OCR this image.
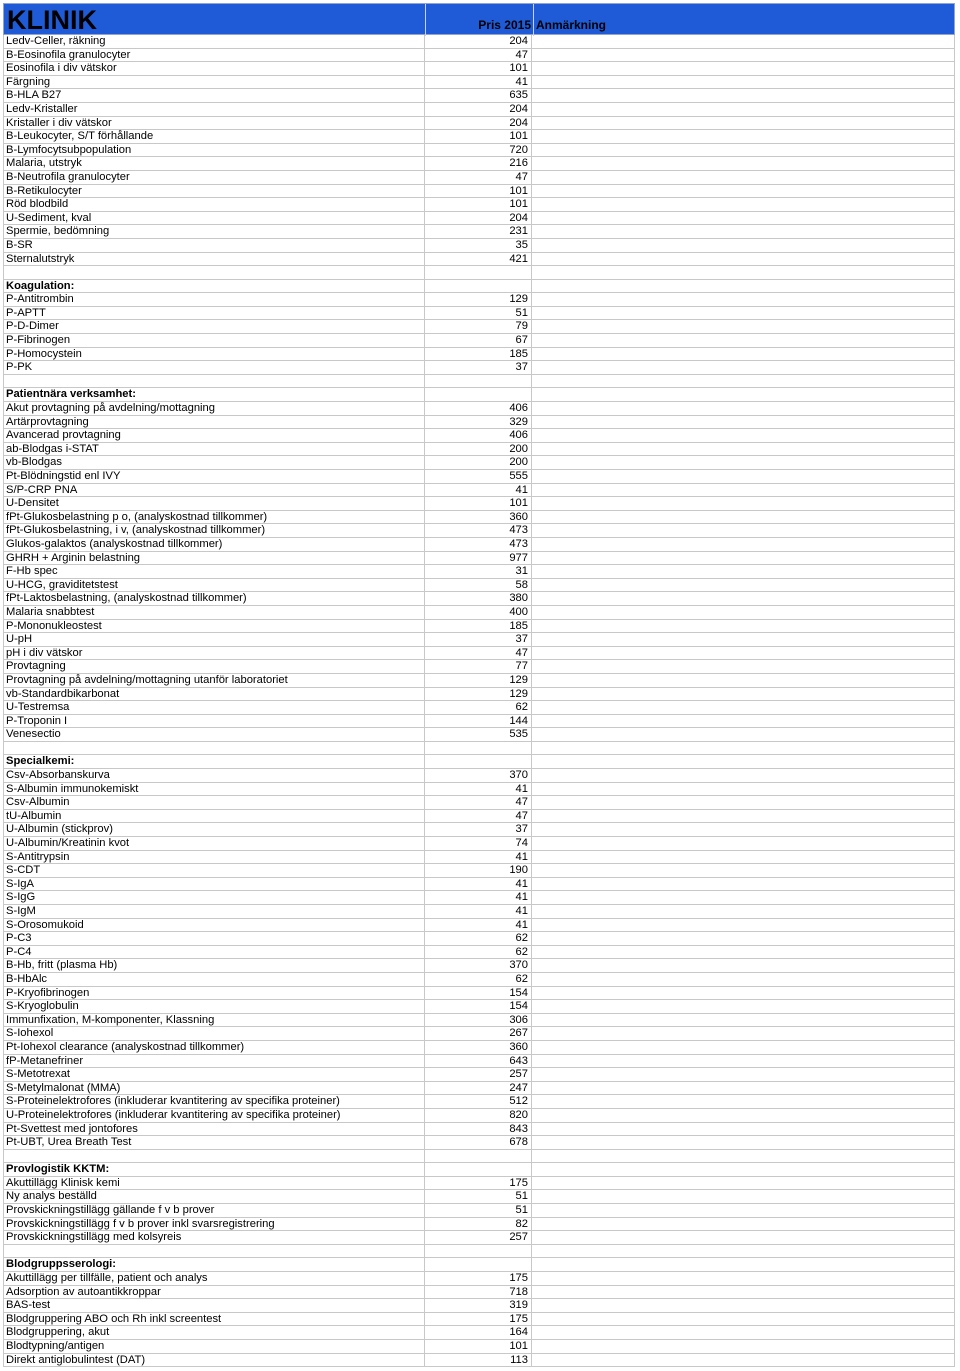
KLINIK	Pris 2015 Anmärkning
Ledv-Celler, räkning	204
B-Eosinofila granulocyter	47
Eosinofila i div vätskor	101
Färgning	41
B-HLA B27	635
Ledv-Kristaller	204
Kristaller i div vätskor	204
B-Leukocyter, S/T förhållande	101
B-Lymfocytsubpopulation	720
Malaria, utstryk	216
B-Neutrofila granulocyter	47
B-Retikulocyter	101
Röd blodbild	101
U-Sediment, kval	204
Spermie, bedömning	231
B-SR	35
Sternalutstryk	421
Koagulation:
P-Antitrombin	129
P-APTT	51
P-D-Dimer	79
P-Fibrinogen	67
P-Homocystein	185
P-PK	37
Patientnära verksamhet:
Akut provtagning på avdelning/mottagning	406
Artärprovtagning	329
Avancerad provtagning	406
ab-Blodgas i-STAT	200
vb-Blodgas	200
Pt-Blödningstid enl IVY	555
S/P-CRP PNA	41
U-Densitet	101
fPt-Glukosbelastning p o, (analyskostnad tillkommer)	360
fPt-Glukosbelastning, i v, (analyskostnad tillkommer)	473
Glukos-galaktos (analyskostnad tillkommer)	473
GHRH + Arginin belastning	977
F-Hb spec	31
U-HCG, graviditetstest	58
fPt-Laktosbelastning, (analyskostnad tillkommer)	380
Malaria snabbtest	400
P-Mononukleostest	185
U-pH	37
pH i div vätskor	47
Provtagning	77
Provtagning på avdelning/mottagning utanför laboratoriet	129
vb-Standardbikarbonat	129
U-Testremsa	62
P-Troponin I	144
Venesectio	535
Specialkemi:
Csv-Absorbanskurva	370
S-Albumin immunokemiskt	41
Csv-Albumin	47
tU-Albumin	47
U-Albumin (stickprov)	37
U-Albumin/Kreatinin kvot	74
S-Antitrypsin	41
S-CDT	190
S-IgA	41
S-IgG	41
S-IgM	41
S-Orosomukoid	41
P-C3	62
P-C4	62
B-Hb, fritt (plasma Hb)	370
B-HbAlc	62
P-Kryofibrinogen	154
S-Kryoglobulin	154
Immunfixation, M-komponenter, Klassning	306
S-Iohexol	267
Pt-Iohexol clearance (analyskostnad tillkommer)	360
fP-Metanefriner	643
S-Metotrexat	257
S-Metylmalonat (MMA)	247
S-Proteinelektrofores (inkluderar kvantitering av specifika proteiner)	512
U-Proteinelektrofores (inkluderar kvantitering av specifika proteiner)	820
Pt-Svettest med jontofores	843
Pt-UBT, Urea Breath Test	678
Provlogistik KKTM:
Akuttillägg Klinisk kemi	175
Ny analys beställd	51
Provskickningstillägg gällande f v b prover	51
Provskickningstillägg f v b prover inkl svarsregistrering	82
Provskickningstillägg med kolsyreis	257
Blodgruppsserologi:
Akuttillägg per tillfälle, patient och analys	175
Adsorption av autoantikkroppar	718
BAS-test	319
Blodgruppering ABO och Rh inkl screentest	175
Blodgruppering, akut	164
Blodtypning/antigen	101
Direkt antiglobulintest (DAT)	113
